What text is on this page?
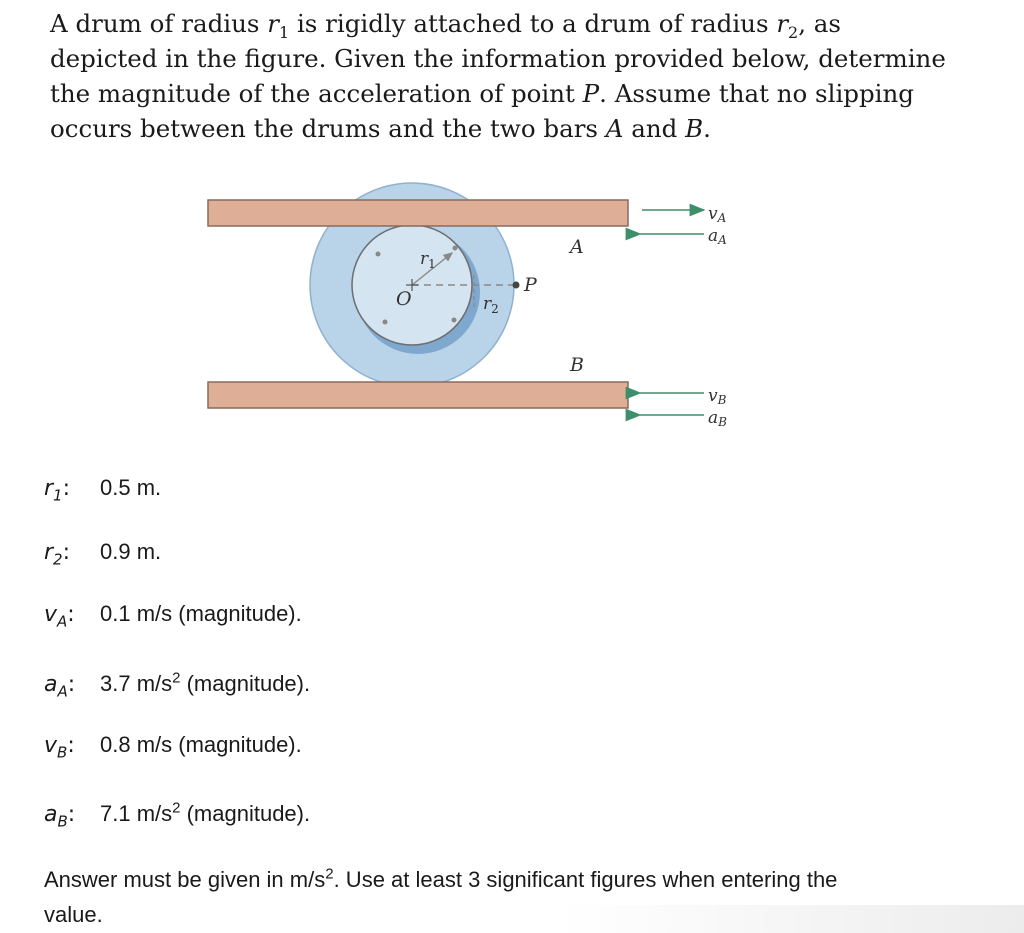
A drum of radius $r_1$ is rigidly attached to a drum of radius $r_2$, as
depicted in the figure. Given the information provided below, determine
the magnitude of the acceleration of point P. Assume that no slipping
occurs between the drums and the two bars A and B.
$r_1$
$r_2$
O
P
A
B
vA
aA
vB
aB
$r_1$: 0.5 m.
$r_2$: 0.9 m.
$v_A$: 0.1 m/s (magnitude).
$a_A$: 3.7 $m/s^2$ (magnitude).
$v_B$: 0.8 m/s (magnitude).
$a_B$: 7.1 $m/s^2$ (magnitude).
Answer must be given in $m/s^2$. Use at least 3 significant figures when entering the
value.
